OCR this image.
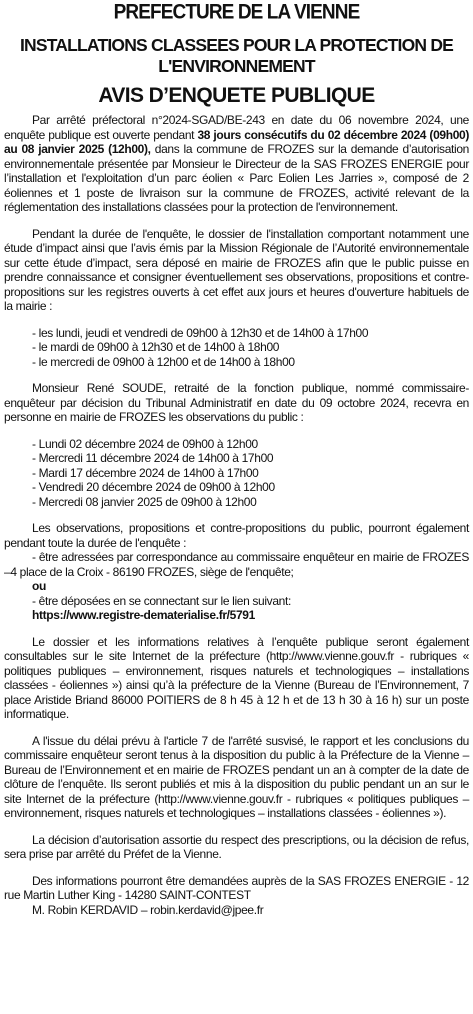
PREFECTURE DE LA VIENNE
INSTALLATIONS CLASSEES POUR LA PROTECTION DE L'ENVIRONNEMENT
AVIS D’ENQUETE PUBLIQUE

Par arrêté préfectoral n°2024-SGAD/BE-243 en date du 06 novembre 2024, une enquête publique est ouverte pendant 38 jours consécutifs du 02 décembre 2024 (09h00) au 08 janvier 2025 (12h00), dans la commune de FROZES sur la demande d’autorisation environnementale présentée par Monsieur le Directeur de la SAS FROZES ENERGIE pour l’installation et l'exploitation d’un parc éolien « Parc Eolien Les Jarries », composé de 2 éoliennes et 1 poste de livraison sur la commune de FROZES, activité relevant de la réglementation des installations classées pour la protection de l'environnement.

Pendant la durée de l'enquête, le dossier de l'installation comportant notamment une étude d’impact ainsi que l’avis émis par la Mission Régionale de l’Autorité environnementale sur cette étude d’impact, sera déposé en mairie de FROZES afin que le public puisse en prendre connaissance et consigner éventuellement ses observations, propositions et contre-propositions sur les registres ouverts à cet effet aux jours et heures d'ouverture habituels de la mairie :

- les lundi, jeudi et vendredi de 09h00 à 12h30 et de 14h00 à 17h00
- le mardi de 09h00 à 12h30 et de 14h00 à 18h00
- le mercredi de 09h00 à 12h00 et de 14h00 à 18h00

Monsieur René SOUDE, retraité de la fonction publique, nommé commissaire-enquêteur par décision du Tribunal Administratif en date du 09 octobre 2024, recevra en personne en mairie de FROZES les observations du public :

- Lundi 02 décembre 2024 de 09h00 à 12h00
- Mercredi 11 décembre 2024 de 14h00 à 17h00
- Mardi 17 décembre 2024 de 14h00 à 17h00
- Vendredi 20 décembre 2024 de 09h00 à 12h00
- Mercredi 08 janvier 2025 de 09h00 à 12h00

Les observations, propositions et contre-propositions du public, pourront également pendant toute la durée de l'enquête :

- être adressées par correspondance au commissaire enquêteur en mairie de FROZES –4 place de la Croix - 86190 FROZES, siège de l'enquête;

ou

- être déposées en se connectant sur le lien suivant:

https://www.registre-dematerialise.fr/5791

Le dossier et les informations relatives à l’enquête publique seront également consultables sur le site Internet de la préfecture (http://www.vienne.gouv.fr - rubriques « politiques publiques – environnement, risques naturels et technologiques – installations classées - éoliennes ») ainsi qu’à la préfecture de la Vienne (Bureau de l’Environnement, 7 place Aristide Briand 86000 POITIERS de 8 h 45 à 12 h et de 13 h 30 à 16 h) sur un poste informatique.

A l'issue du délai prévu à l'article 7 de l'arrêté susvisé, le rapport et les conclusions du commissaire enquêteur seront tenus à la disposition du public à la Préfecture de la Vienne – Bureau de l’Environnement et en mairie de FROZES pendant un an à compter de la date de clôture de l’enquête. Ils seront publiés et mis à la disposition du public pendant un an sur le site Internet de la préfecture (http://www.vienne.gouv.fr - rubriques « politiques publiques – environnement, risques naturels et technologiques – installations classées - éoliennes »).

La décision d’autorisation assortie du respect des prescriptions, ou la décision de refus, sera prise par arrêté du Préfet de la Vienne.

Des informations pourront être demandées auprès de la SAS FROZES ENERGIE - 12 rue Martin Luther King - 14280 SAINT-CONTEST

M. Robin KERDAVID – robin.kerdavid@jpee.fr
